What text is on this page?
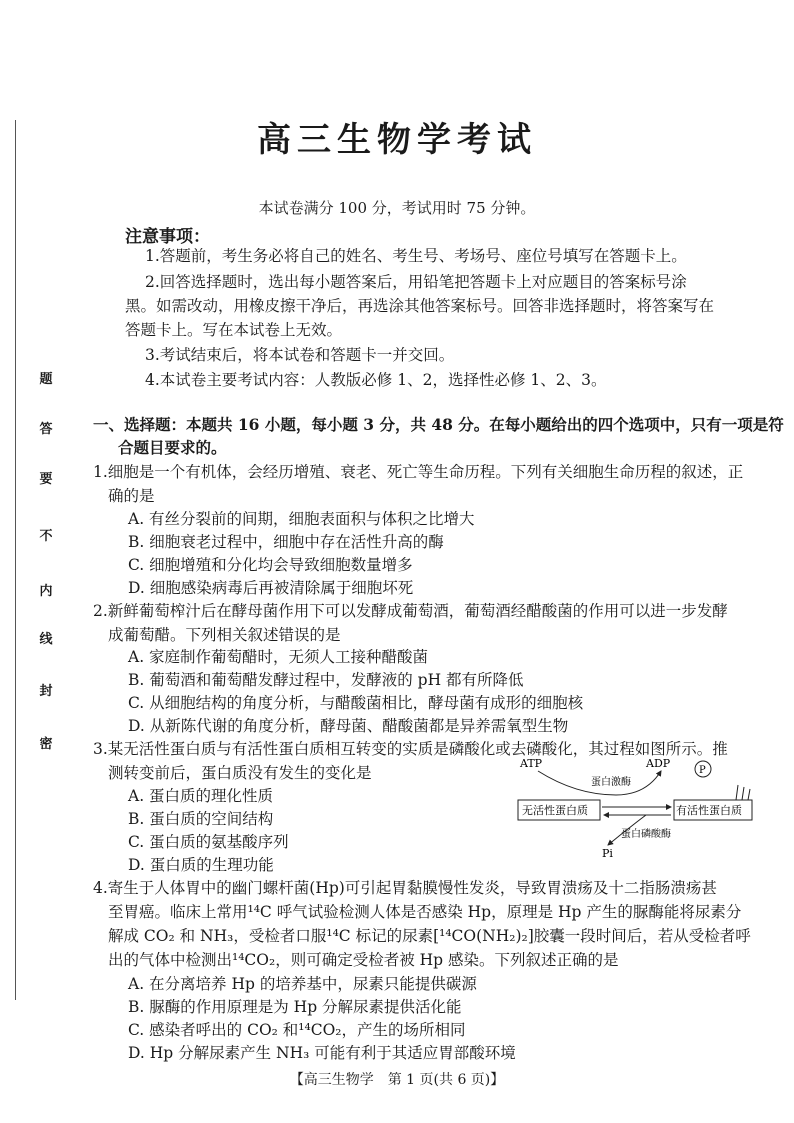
题
答
要
不
内
线
封
密
高三生物学考试
本试卷满分 100 分，考试用时 75 分钟。
注意事项：
1.答题前，考生务必将自己的姓名、考生号、考场号、座位号填写在答题卡上。
2.回答选择题时，选出每小题答案后，用铅笔把答题卡上对应题目的答案标号涂
黑。如需改动，用橡皮擦干净后，再选涂其他答案标号。回答非选择题时，将答案写在
答题卡上。写在本试卷上无效。
3.考试结束后，将本试卷和答题卡一并交回。
4.本试卷主要考试内容：人教版必修 1、2，选择性必修 1、2、3。
一、选择题：本题共 16 小题，每小题 3 分，共 48 分。在每小题给出的四个选项中，只有一项是符
合题目要求的。
1.细胞是一个有机体，会经历增殖、衰老、死亡等生命历程。下列有关细胞生命历程的叙述，正
确的是
A. 有丝分裂前的间期，细胞表面积与体积之比增大
B. 细胞衰老过程中，细胞中存在活性升高的酶
C. 细胞增殖和分化均会导致细胞数量增多
D. 细胞感染病毒后再被清除属于细胞坏死
2.新鲜葡萄榨汁后在酵母菌作用下可以发酵成葡萄酒，葡萄酒经醋酸菌的作用可以进一步发酵
成葡萄醋。下列相关叙述错误的是
A. 家庭制作葡萄醋时，无须人工接种醋酸菌
B. 葡萄酒和葡萄醋发酵过程中，发酵液的 pH 都有所降低
C. 从细胞结构的角度分析，与醋酸菌相比，酵母菌有成形的细胞核
D. 从新陈代谢的角度分析，酵母菌、醋酸菌都是异养需氧型生物
3.某无活性蛋白质与有活性蛋白质相互转变的实质是磷酸化或去磷酸化，其过程如图所示。推
测转变前后，蛋白质没有发生的变化是
A. 蛋白质的理化性质
B. 蛋白质的空间结构
C. 蛋白质的氨基酸序列
D. 蛋白质的生理功能
ATP	ADP
P
蛋白激酶
无活性蛋白质	有活性蛋白质
蛋白磷酸酶
Pi
4.寄生于人体胃中的幽门螺杆菌(Hp)可引起胃黏膜慢性发炎，导致胃溃疡及十二指肠溃疡甚
至胃癌。临床上常用¹⁴C 呼气试验检测人体是否感染 Hp，原理是 Hp 产生的脲酶能将尿素分
解成 CO₂ 和 NH₃，受检者口服¹⁴C 标记的尿素[¹⁴CO(NH₂)₂]胶囊一段时间后，若从受检者呼
出的气体中检测出¹⁴CO₂，则可确定受检者被 Hp 感染。下列叙述正确的是
A. 在分离培养 Hp 的培养基中，尿素只能提供碳源
B. 脲酶的作用原理是为 Hp 分解尿素提供活化能
C. 感染者呼出的 CO₂ 和¹⁴CO₂，产生的场所相同
D. Hp 分解尿素产生 NH₃ 可能有利于其适应胃部酸环境
【高三生物学　第 1 页(共 6 页)】
